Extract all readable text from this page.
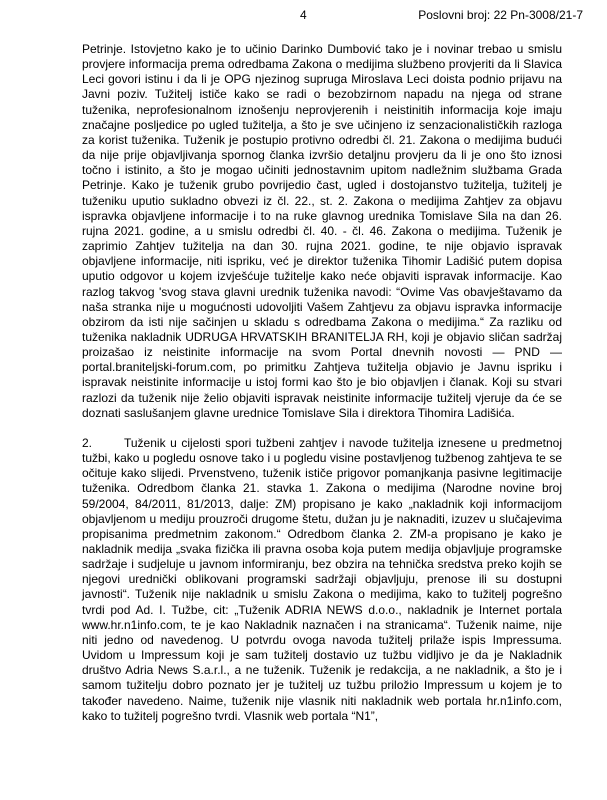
4	Poslovni broj: 22 Pn-3008/21-7

Petrinje. Istovjetno kako je to učinio Darinko Dumbović tako je i novinar trebao u smislu provjere informacija prema odredbama Zakona o medijima službeno provjeriti da li Slavica Leci govori istinu i da li je OPG njezinog supruga Miroslava Leci doista podnio prijavu na Javni poziv. Tužitelj ističe kako se radi o bezobzirnom napadu na njega od strane tuženika, neprofesionalnom iznošenju neprovjerenih i neistinitih informacija koje imaju značajne posljedice po ugled tužitelja, a što je sve učinjeno iz senzacionalističkih razloga za korist tuženika. Tuženik je postupio protivno odredbi čl. 21. Zakona o medijima budući da nije prije objavljivanja spornog članka izvršio detaljnu provjeru da li je ono što iznosi točno i istinito, a što je mogao učiniti jednostavnim upitom nadležnim službama Grada Petrinje. Kako je tuženik grubo povrijedio čast, ugled i dostojanstvo tužitelja, tužitelj je tuženiku uputio sukladno obvezi iz čl. 22., st. 2. Zakona o medijima Zahtjev za objavu ispravka objavljene informacije i to na ruke glavnog urednika Tomislave Sila na dan 26. rujna 2021. godine, a u smislu odredbi čl. 40. - čl. 46. Zakona o medijima. Tuženik je zaprimio Zahtjev tužitelja na dan 30. rujna 2021. godine, te nije objavio ispravak objavljene informacije, niti ispriku, već je direktor tuženika Tihomir Ladišić putem dopisa uputio odgovor u kojem izvješćuje tužitelje kako neće objaviti ispravak informacije. Kao razlog takvog 'svog stava glavni urednik tuženika navodi: “Ovime Vas obavještavamo da naša stranka nije u mogućnosti udovoljiti Vašem Zahtjevu za objavu ispravka informacije obzirom da isti nije sačinjen u skladu s odredbama Zakona o medijima.“ Za razliku od tuženika nakladnik UDRUGA HRVATSKIH BRANITELJA RH, koji je objavio sličan sadržaj proizašao iz neistinite informacije na svom Portal dnevnih novosti — PND — portal.braniteljski-forum.com, po primitku Zahtjeva tužitelja objavio je Javnu ispriku i ispravak neistinite informacije u istoj formi kao što je bio objavljen i članak. Koji su stvari razlozi da tuženik nije želio objaviti ispravak neistinite informacije tužitelj vjeruje da će se doznati saslušanjem glavne urednice Tomislave Sila i direktora Tihomira Ladišića.

2.	Tuženik u cijelosti spori tužbeni zahtjev i navode tužitelja iznesene u predmetnoj tužbi, kako u pogledu osnove tako i u pogledu visine postavljenog tužbenog zahtjeva te se očituje kako slijedi. Prvenstveno, tuženik ističe prigovor pomanjkanja pasivne legitimacije tuženika. Odredbom članka 21. stavka 1. Zakona o medijima (Narodne novine broj 59/2004, 84/2011, 81/2013, dalje: ZM) propisano je kako „nakladnik koji informacijom objavljenom u mediju prouzroči drugome štetu, dužan ju je naknaditi, izuzev u slučajevima propisanima predmetnim zakonom.“ Odredbom članka 2. ZM-a propisano je kako je nakladnik medija „svaka fizička ili pravna osoba koja putem medija objavljuje programske sadržaje i sudjeluje u javnom informiranju, bez obzira na tehnička sredstva preko kojih se njegovi urednički oblikovani programski sadržaji objavljuju, prenose ili su dostupni javnosti“. Tuženik nije nakladnik u smislu Zakona o medijima, kako to tužitelj pogrešno tvrdi pod Ad. I. Tužbe, cit: „Tuženik ADRIA NEWS d.o.o., nakladnik je Internet portala www.hr.n1info.com, te je kao Nakladnik naznačen i na stranicama“. Tuženik naime, nije niti jedno od navedenog. U potvrdu ovoga navoda tužitelj prilaže ispis Impressuma. Uvidom u Impressum koji je sam tužitelj dostavio uz tužbu vidljivo je da je Nakladnik društvo Adria News S.a.r.l., a ne tuženik. Tuženik je redakcija, a ne nakladnik, a što je i samom tužitelju dobro poznato jer je tužitelj uz tužbu priložio Impressum u kojem je to također navedeno. Naime, tuženik nije vlasnik niti nakladnik web portala hr.n1info.com, kako to tužitelj pogrešno tvrdi. Vlasnik web portala “N1”,
